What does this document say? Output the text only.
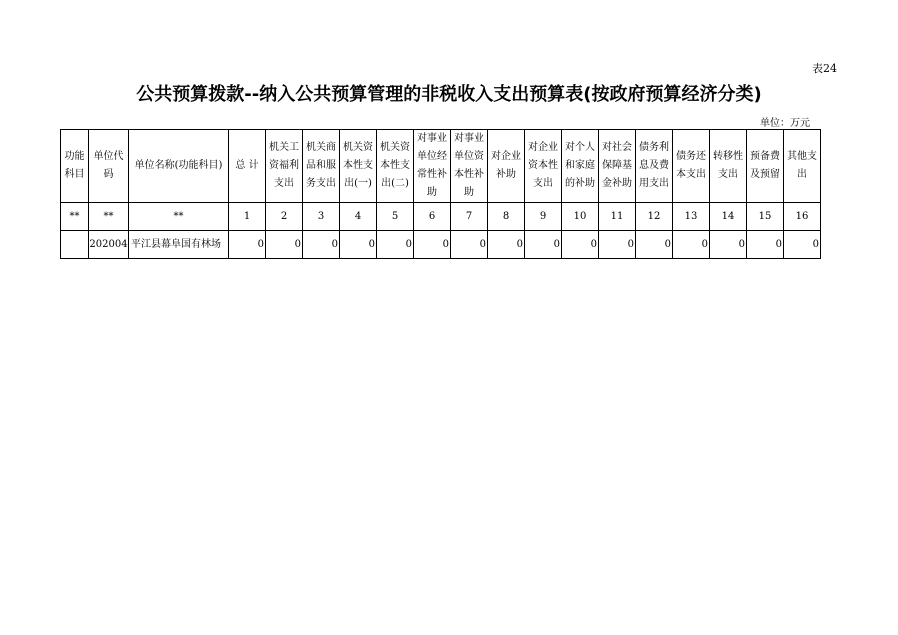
表24
公共预算拨款--纳入公共预算管理的非税收入支出预算表(按政府预算经济分类)
单位：万元
功能科目	单位代码	单位名称(功能科目)	总 计	机关工资福利支出	机关商品和服务支出	机关资本性支出(一)	机关资本性支出(二)	对事业单位经常性补助	对事业单位资本性补助	对企业补助	对企业资本性支出	对个人和家庭的补助	对社会保障基金补助	债务利息及费用支出	债务还本支出	转移性支出	预备费及预留	其他支出
**	**	**	1	2	3	4	5	6	7	8	9	10	11	12	13	14	15	16
	202004	平江县幕阜国有林场	0	0	0	0	0	0	0	0	0	0	0	0	0	0	0	0
